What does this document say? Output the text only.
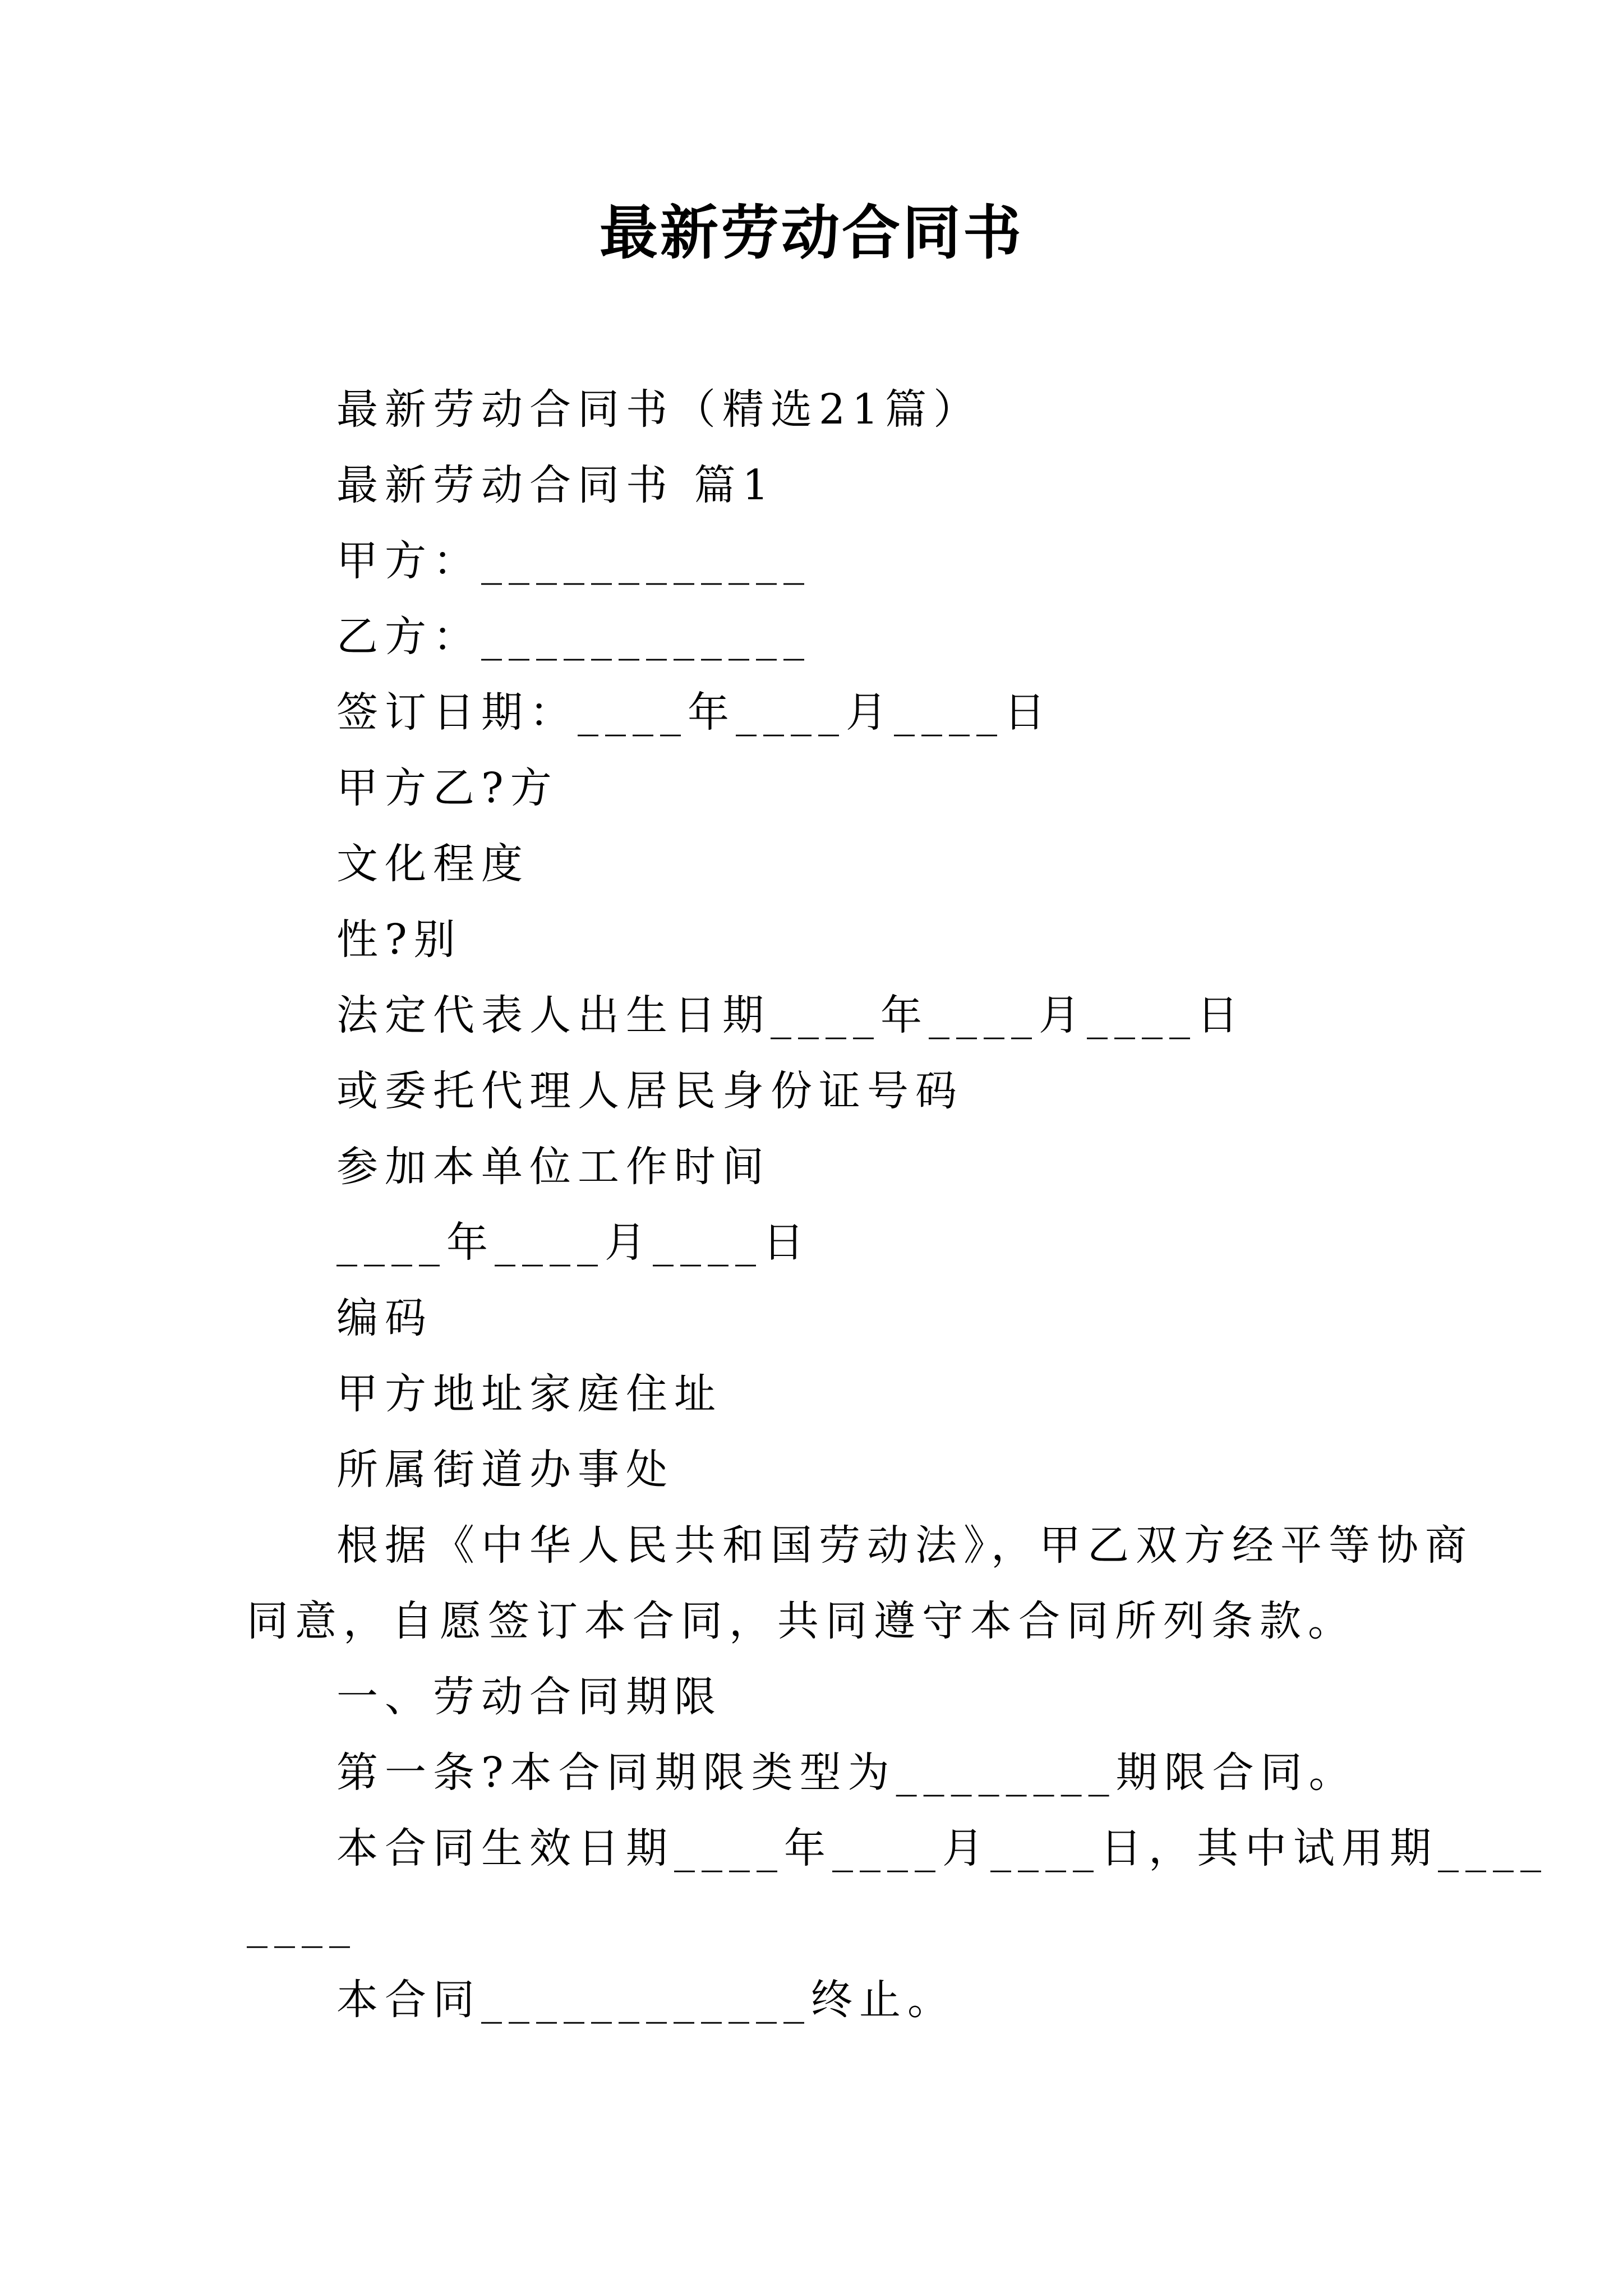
最新劳动合同书
最新劳动合同书（精选21篇）
最新劳动合同书 篇1
甲方：____________
乙方：____________
签订日期：____年____月____日
甲方乙?方
文化程度
性?别
法定代表人出生日期____年____月____日
或委托代理人居民身份证号码
参加本单位工作时间
____年____月____日
编码
甲方地址家庭住址
所属街道办事处
根据《中华人民共和国劳动法》，甲乙双方经平等协商
同意，自愿签订本合同，共同遵守本合同所列条款。
一、劳动合同期限
第一条?本合同期限类型为________期限合同。
本合同生效日期____年____月____日，其中试用期____
____
本合同____________终止。
